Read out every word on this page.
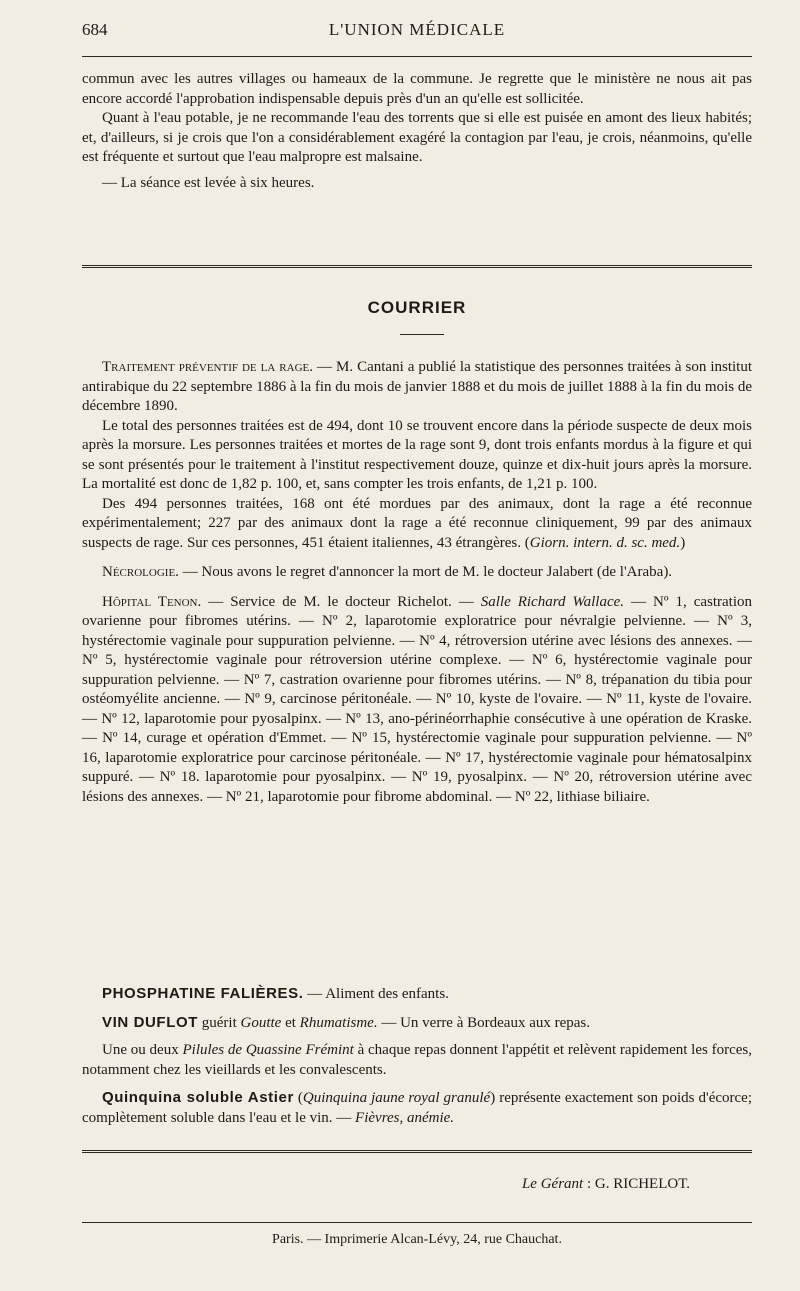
684	L'UNION MÉDICALE

commun avec les autres villages ou hameaux de la commune. Je regrette que le ministère ne nous ait pas encore accordé l'approbation indispensable depuis près d'un an qu'elle est sollicitée.

Quant à l'eau potable, je ne recommande l'eau des torrents que si elle est puisée en amont des lieux habités; et, d'ailleurs, si je crois que l'on a considérablement exagéré la contagion par l'eau, je crois, néanmoins, qu'elle est fréquente et surtout que l'eau malpropre est malsaine.

— La séance est levée à six heures.

COURRIER

Traitement préventif de la rage. — M. Cantani a publié la statistique des personnes traitées à son institut antirabique du 22 septembre 1886 à la fin du mois de janvier 1888 et du mois de juillet 1888 à la fin du mois de décembre 1890.

Le total des personnes traitées est de 494, dont 10 se trouvent encore dans la période suspecte de deux mois après la morsure. Les personnes traitées et mortes de la rage sont 9, dont trois enfants mordus à la figure et qui se sont présentés pour le traitement à l'institut respectivement douze, quinze et dix-huit jours après la morsure. La mortalité est donc de 1,82 p. 100, et, sans compter les trois enfants, de 1,21 p. 100.

Des 494 personnes traitées, 168 ont été mordues par des animaux, dont la rage a été reconnue expérimentalement; 227 par des animaux dont la rage a été reconnue cliniquement, 99 par des animaux suspects de rage. Sur ces personnes, 451 étaient italiennes, 43 étrangères. (Giorn. intern. d. sc. med.)

Nécrologie. — Nous avons le regret d'annoncer la mort de M. le docteur Jalabert (de l'Araba).

Hôpital Tenon. — Service de M. le docteur Richelot. — Salle Richard Wallace. — Nº 1, castration ovarienne pour fibromes utérins. — Nº 2, laparotomie exploratrice pour névralgie pelvienne. — Nº 3, hystérectomie vaginale pour suppuration pelvienne. — Nº 4, rétroversion utérine avec lésions des annexes. — Nº 5, hystérectomie vaginale pour rétroversion utérine complexe. — Nº 6, hystérectomie vaginale pour suppuration pelvienne. — Nº 7, castration ovarienne pour fibromes utérins. — Nº 8, trépanation du tibia pour ostéomyélite ancienne. — Nº 9, carcinose péritonéale. — Nº 10, kyste de l'ovaire. — Nº 11, kyste de l'ovaire. — Nº 12, laparotomie pour pyosalpinx. — Nº 13, ano-périnéorrhaphie consécutive à une opération de Kraske. — Nº 14, curage et opération d'Emmet. — Nº 15, hystérectomie vaginale pour suppuration pelvienne. — Nº 16, laparotomie exploratrice pour carcinose péritonéale. — Nº 17, hystérectomie vaginale pour hématosalpinx suppuré. — Nº 18. laparotomie pour pyosalpinx. — Nº 19, pyosalpinx. — Nº 20, rétroversion utérine avec lésions des annexes. — Nº 21, laparotomie pour fibrome abdominal. — Nº 22, lithiase biliaire.

PHOSPHATINE FALIÈRES. — Aliment des enfants.

VIN DUFLOT guérit Goutte et Rhumatisme. — Un verre à Bordeaux aux repas.

Une ou deux Pilules de Quassine Frémint à chaque repas donnent l'appétit et relèvent rapidement les forces, notamment chez les vieillards et les convalescents.

Quinquina soluble Astier (Quinquina jaune royal granulé) représente exactement son poids d'écorce; complètement soluble dans l'eau et le vin. — Fièvres, anémie.

Le Gérant : G. RICHELOT.
Paris. — Imprimerie Alcan-Lévy, 24, rue Chauchat.
